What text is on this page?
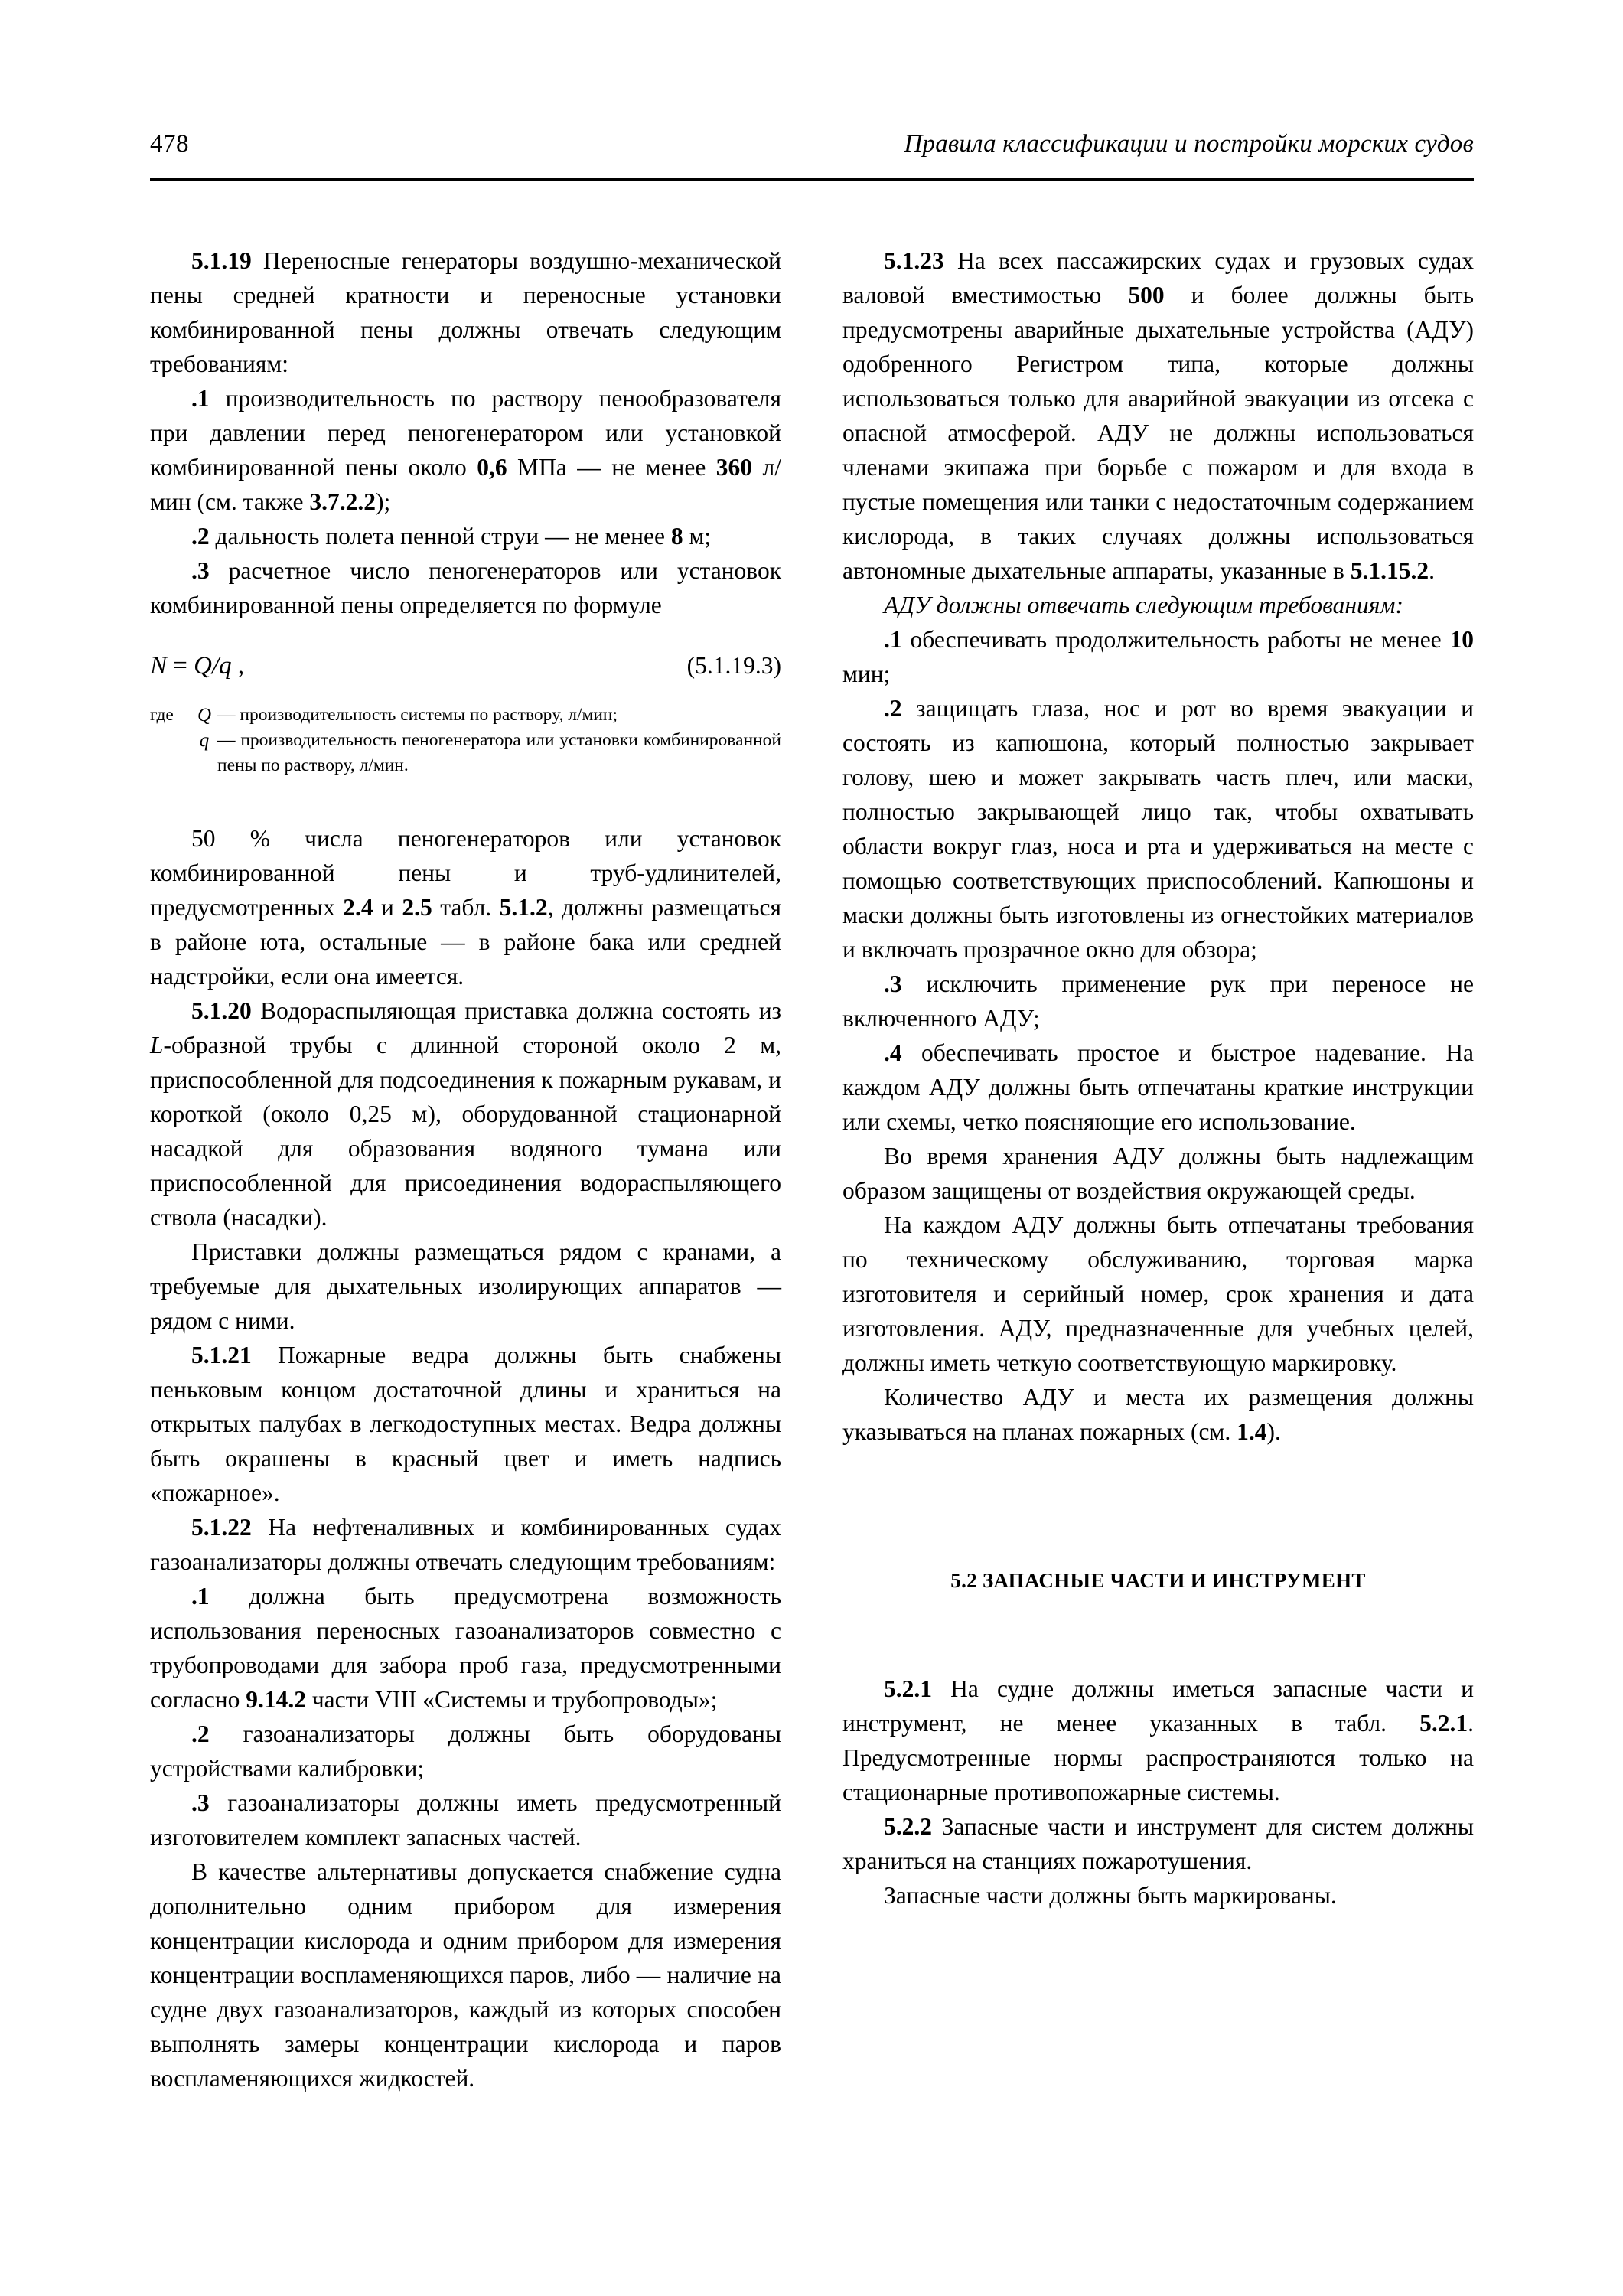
478	Правила классификации и постройки морских судов

5.1.19 Переносные генераторы воздушно-механической пены средней кратности и переносные установки комбинированной пены должны отвечать следующим требованиям:

.1 производительность по раствору пенообразователя при давлении перед пеногенератором или установкой комбинированной пены около 0,6 МПа — не менее 360 л/мин (см. также 3.7.2.2);

.2 дальность полета пенной струи — не менее 8 м;

.3 расчетное число пеногенераторов или установок комбинированной пены определяется по формуле

N = Q/q ,	(5.1.19.3)
где	Q — производительность системы по раствору, л/мин;

q — производительность пеногенератора или установки комбинированной пены по раствору, л/мин.

50 % числа пеногенераторов или установок комбинированной пены и труб-удлинителей, предусмотренных 2.4 и 2.5 табл. 5.1.2, должны размещаться в районе юта, остальные — в районе бака или средней надстройки, если она имеется.

5.1.20 Водораспыляющая приставка должна состоять из L-образной трубы с длинной стороной около 2 м, приспособленной для подсоединения к пожарным рукавам, и короткой (около 0,25 м), оборудованной стационарной насадкой для образования водяного тумана или приспособленной для присоединения водораспыляющего ствола (насадки).

Приставки должны размещаться рядом с кранами, а требуемые для дыхательных изолирующих аппаратов — рядом с ними.

5.1.21 Пожарные ведра должны быть снабжены пеньковым концом достаточной длины и храниться на открытых палубах в легкодоступных местах. Ведра должны быть окрашены в красный цвет и иметь надпись «пожарное».

5.1.22 На нефтеналивных и комбинированных судах газоанализаторы должны отвечать следующим требованиям:

.1 должна быть предусмотрена возможность использования переносных газоанализаторов совместно с трубопроводами для забора проб газа, предусмотренными согласно 9.14.2 части VIII «Системы и трубопроводы»;

.2 газоанализаторы должны быть оборудованы устройствами калибровки;

.3 газоанализаторы должны иметь предусмотренный изготовителем комплект запасных частей.

В качестве альтернативы допускается снабжение судна дополнительно одним прибором для измерения концентрации кислорода и одним прибором для измерения концентрации воспламеняющихся паров, либо — наличие на судне двух газоанализаторов, каждый из которых способен выполнять замеры концентрации кислорода и паров воспламеняющихся жидкостей.

5.1.23 На всех пассажирских судах и грузовых судах валовой вместимостью 500 и более должны быть предусмотрены аварийные дыхательные устройства (АДУ) одобренного Регистром типа, которые должны использоваться только для аварийной эвакуации из отсека с опасной атмосферой. АДУ не должны использоваться членами экипажа при борьбе с пожаром и для входа в пустые помещения или танки с недостаточным содержанием кислорода, в таких случаях должны использоваться автономные дыхательные аппараты, указанные в 5.1.15.2.

АДУ должны отвечать следующим требованиям:

.1 обеспечивать продолжительность работы не менее 10 мин;

.2 защищать глаза, нос и рот во время эвакуации и состоять из капюшона, который полностью закрывает голову, шею и может закрывать часть плеч, или маски, полностью закрывающей лицо так, чтобы охватывать области вокруг глаз, носа и рта и удерживаться на месте с помощью соответствующих приспособлений. Капюшоны и маски должны быть изготовлены из огнестойких материалов и включать прозрачное окно для обзора;

.3 исключить применение рук при переносе не включенного АДУ;

.4 обеспечивать простое и быстрое надевание. На каждом АДУ должны быть отпечатаны краткие инструкции или схемы, четко поясняющие его использование.

Во время хранения АДУ должны быть надлежащим образом защищены от воздействия окружающей среды.

На каждом АДУ должны быть отпечатаны требования по техническому обслуживанию, торговая марка изготовителя и серийный номер, срок хранения и дата изготовления. АДУ, предназначенные для учебных целей, должны иметь четкую соответствующую маркировку.

Количество АДУ и места их размещения должны указываться на планах пожарных (см. 1.4).

5.2 ЗАПАСНЫЕ ЧАСТИ И ИНСТРУМЕНТ

5.2.1 На судне должны иметься запасные части и инструмент, не менее указанных в табл. 5.2.1. Предусмотренные нормы распространяются только на стационарные противопожарные системы.

5.2.2 Запасные части и инструмент для систем должны храниться на станциях пожаротушения.

Запасные части должны быть маркированы.
